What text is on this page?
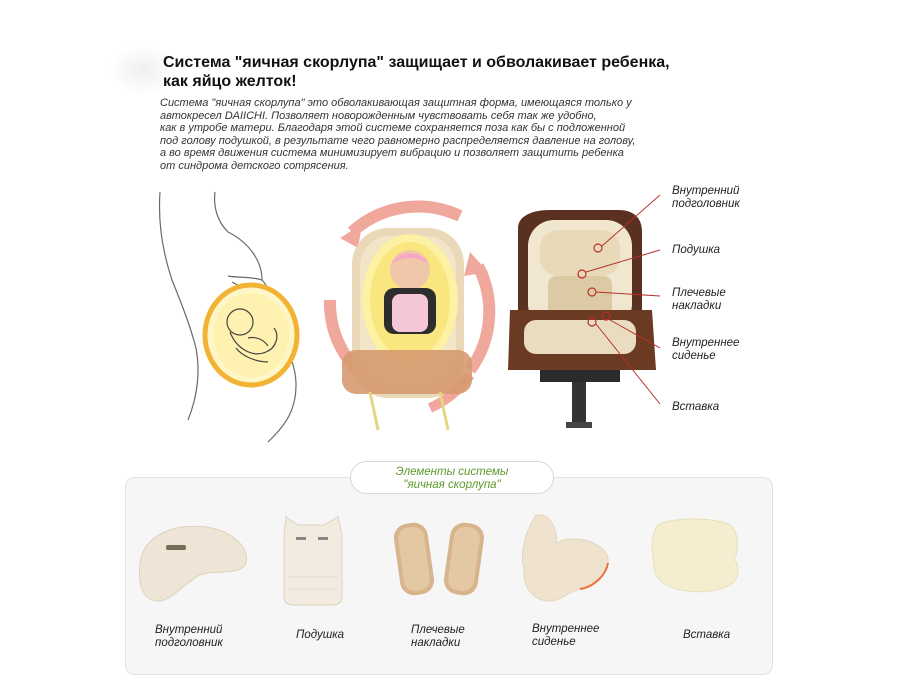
Система "яичная скорлупа" защищает и обволакивает ребенка,
как яйцо желток!
Система "яичная скорлупа" это обволакивающая защитная форма, имеющаяся только у
автокресел DAIICHI. Позволяет новорожденным чувствовать себя так же удобно,
как в утробе матери. Благодаря этой системе сохраняется поза как бы с подложенной
под голову подушкой, в результате чего равномерно распределяется давление на голову,
а во время движения система минимизирует вибрацию и позволяет защитить ребенка
от синдрома детского сотрясения.
Внутренний
подголовник
Подушка
Плечевые
накладки
Внутреннее
сиденье
Вставка
Элементы системы
"яичная скорлупа"
Внутренний
подголовник
Подушка	Плечевые
накладки
Внутреннее
сиденье
Вставка
